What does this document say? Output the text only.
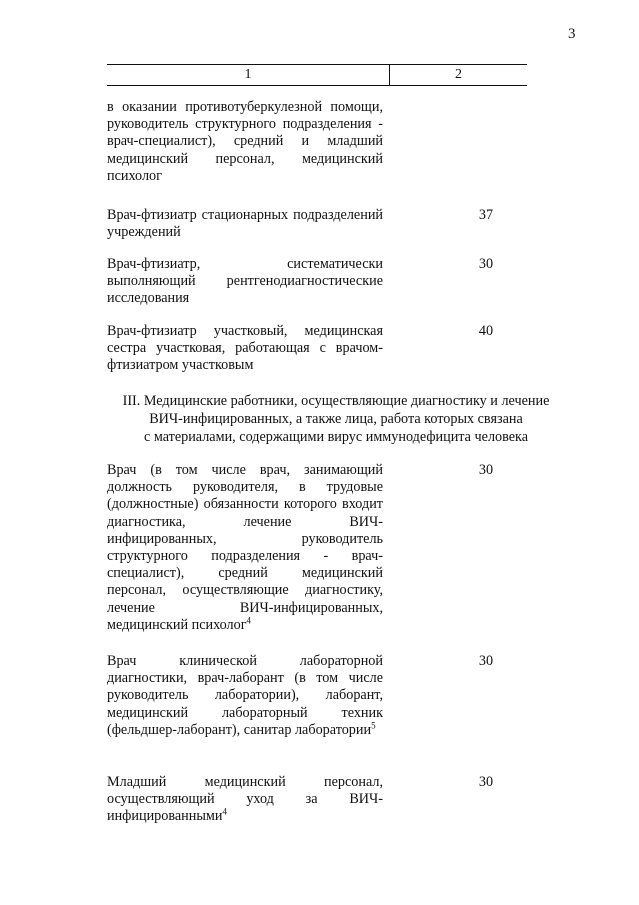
3
1	2
в оказании противотуберкулезной помощи, руководитель структурного подразделения - врач-специалист), средний и младший медицинский персонал, медицинский психолог
Врач-фтизиатр стационарных подразделений учреждений
37
Врач-фтизиатр, систематически выполняющий рентгенодиагностические исследования
30
Врач-фтизиатр участковый, медицинская сестра участковая, работающая с врачом-фтизиатром участковым
40
III. Медицинские работники, осуществляющие диагностику и лечение
ВИЧ-инфицированных, а также лица, работа которых связана
с материалами, содержащими вирус иммунодефицита человека
Врач (в том числе врач, занимающий должность руководителя, в трудовые (должностные) обязанности которого входит диагностика, лечение ВИЧ-инфицированных, руководитель структурного подразделения - врач-специалист), средний медицинский персонал, осуществляющие диагностику, лечение ВИЧ-инфицированных, медицинский психолог$^4$
30
Врач клинической лабораторной диагностики, врач-лаборант (в том числе руководитель лаборатории), лаборант, медицинский лабораторный техник (фельдшер-лаборант), санитар лаборатории$^5$
30
Младший медицинский персонал, осуществляющий уход за ВИЧ-инфицированными$^4$
30
